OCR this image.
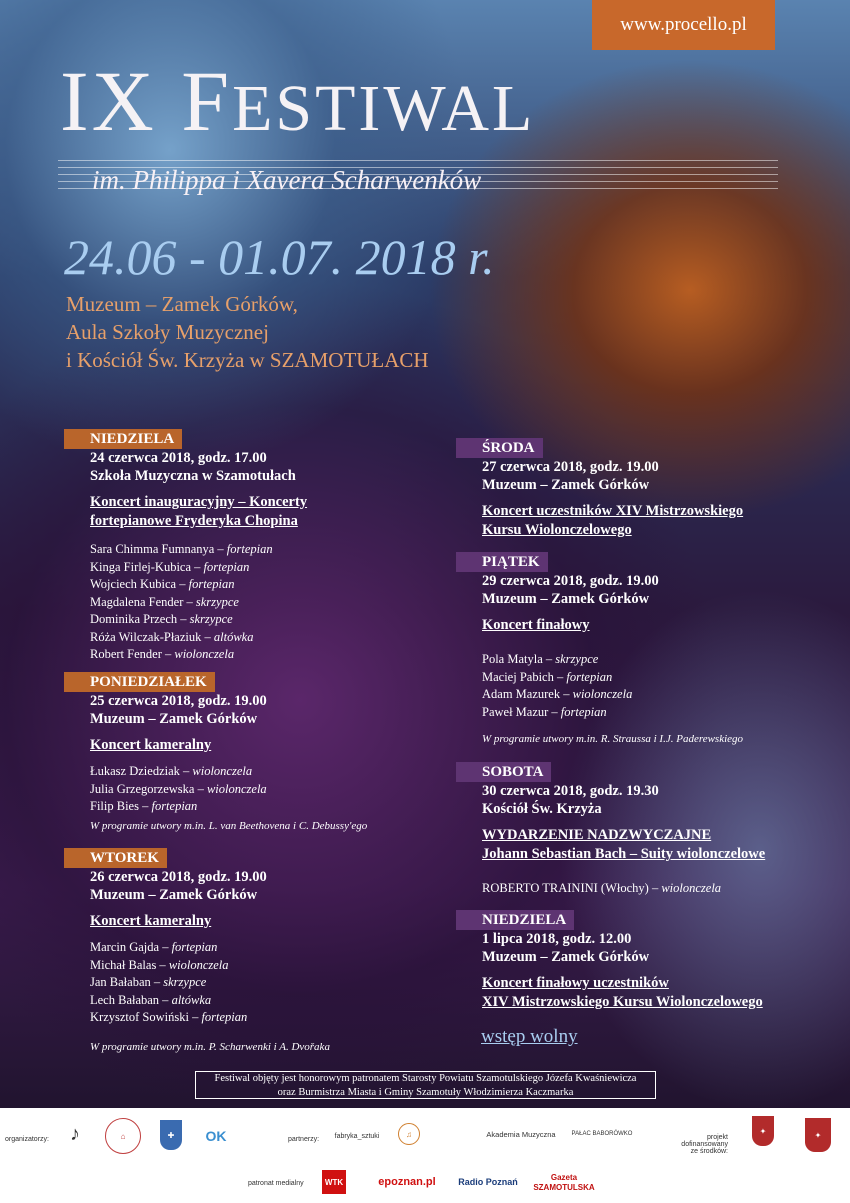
www.procello.pl
IX FESTIWAL
im. Philippa i Xavera Scharwenków
24.06 - 01.07. 2018 r.
Muzeum – Zamek Górków,
Aula Szkoły Muzycznej
i Kościół Św. Krzyża w SZAMOTUŁACH
NIEDZIELA
24 czerwca 2018, godz. 17.00
Szkoła Muzyczna w Szamotułach
Koncert inauguracyjny – Koncerty
fortepianowe Fryderyka Chopina
Sara Chimma Fumnanya – fortepian
Kinga Firlej-Kubica – fortepian
Wojciech Kubica – fortepian
Magdalena Fender – skrzypce
Dominika Przech – skrzypce
Róża Wilczak-Płaziuk – altówka
Robert Fender – wiolonczela
PONIEDZIAŁEK
25 czerwca 2018, godz. 19.00
Muzeum – Zamek Górków
Koncert kameralny
Łukasz Dziedziak – wiolonczela
Julia Grzegorzewska – wiolonczela
Filip Bies – fortepian
W programie utwory m.in. L. van Beethovena i C. Debussy'ego
WTOREK
26 czerwca 2018, godz. 19.00
Muzeum – Zamek Górków
Koncert kameralny
Marcin Gajda – fortepian
Michał Balas – wiolonczela
Jan Bałaban – skrzypce
Lech Bałaban – altówka
Krzysztof Sowiński – fortepian
W programie utwory m.in. P. Scharwenki i A. Dvořaka
ŚRODA
27 czerwca 2018, godz. 19.00
Muzeum – Zamek Górków
Koncert uczestników XIV Mistrzowskiego
Kursu Wiolonczelowego
PIĄTEK
29 czerwca 2018, godz. 19.00
Muzeum – Zamek Górków
Koncert finałowy
Pola Matyla – skrzypce
Maciej Pabich – fortepian
Adam Mazurek – wiolonczela
Paweł Mazur – fortepian
W programie utwory m.in. R. Straussa i I.J. Paderewskiego
SOBOTA
30 czerwca 2018, godz. 19.30
Kościół Św. Krzyża
WYDARZENIE NADZWYCZAJNE
Johann Sebastian Bach – Suity wiolonczelowe
ROBERTO TRAININI (Włochy) – wiolonczela
NIEDZIELA
1 lipca 2018, godz. 12.00
Muzeum – Zamek Górków
Koncert finałowy uczestników
XIV Mistrzowskiego Kursu Wiolonczelowego
wstęp wolny
Festiwal objęty jest honorowym patronatem Starosty Powiatu Szamotulskiego Józefa Kwaśniewicza
oraz Burmistrza Miasta i Gminy Szamotuły Włodzimierza Kaczmarka
organizatorzy:	♪	⌂	✚	OK	partnerzy: fabryka_sztuki	♫	Akademia Muzyczna	PAŁAC BABORÓWKO	projekt dofinansowany ze środków:
✦	✦
patronat medialny	WTK	epoznan.pl	Radio Poznań	Gazeta SZAMOTULSKA
